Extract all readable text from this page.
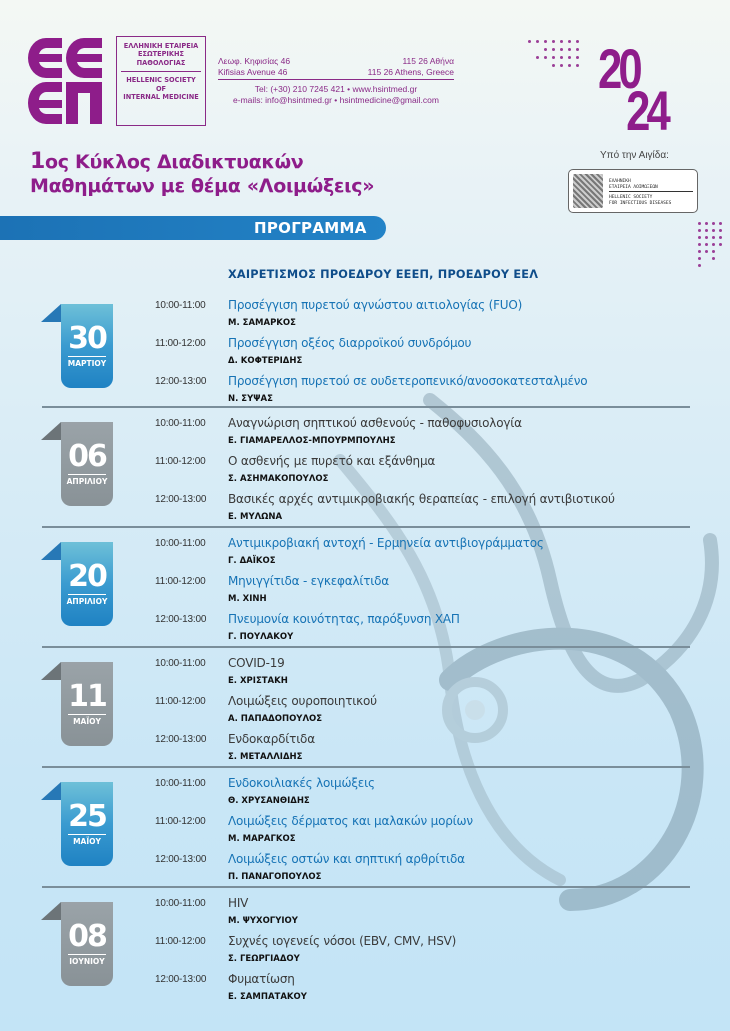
ΕΛΛΗΝΙΚΗ ΕΤΑΙΡΕΙΑ
ΕΣΩΤΕΡΙΚΗΣ
ΠΑΘΟΛΟΓΙΑΣ
HELLENIC SOCIETY
OF
INTERNAL MEDICINE
Λεωφ. Κηφισίας 46	115 26 Αθήνα
Kifisias Avenue 46	115 26 Athens, Greece
Tel: (+30) 210 7245 421 • www.hsintmed.gr
e-mails: info@hsintmed.gr • hsintmedicine@gmail.com	20
24
Υπό την Αιγίδα:
ΕΛΛΗΝΙΚΗ
ΕΤΑΙΡΕΙΑ ΛΟΙΜΩΞΕΩΝ
HELLENIC SOCIETY
FOR INFECTIOUS DISEASES
1ος Κύκλος Διαδικτυακών
Μαθημάτων με θέμα «Λοιμώξεις»
ΠΡΟΓΡΑΜΜΑ
ΧΑΙΡΕΤΙΣΜΟΣ ΠΡΟΕΔΡΟΥ ΕΕΕΠ, ΠΡΟΕΔΡΟΥ ΕΕΛ
30
ΜΑΡΤΙΟΥ
10:00-11:00	Προσέγγιση πυρετού αγνώστου αιτιολογίας (FUO)
Μ. ΣΑΜΑΡΚΟΣ
11:00-12:00	Προσέγγιση οξέος διαρροϊκού συνδρόμου
Δ. ΚΟΦΤΕΡΙΔΗΣ
12:00-13:00	Προσέγγιση πυρετού σε ουδετεροπενικό/ανοσοκατεσταλμένο
Ν. ΣΥΨΑΣ
06
ΑΠΡΙΛΙΟΥ
10:00-11:00	Αναγνώριση σηπτικού ασθενούς - παθοφυσιολογία
Ε. ΓΙΑΜΑΡΕΛΛΟΣ-ΜΠΟΥΡΜΠΟΥΛΗΣ
11:00-12:00	Ο ασθενής με πυρετό και εξάνθημα
Σ. ΑΣΗΜΑΚΟΠΟΥΛΟΣ
12:00-13:00	Βασικές αρχές αντιμικροβιακής θεραπείας - επιλογή αντιβιοτικού
Ε. ΜΥΛΩΝΑ
20
ΑΠΡΙΛΙΟΥ
10:00-11:00	Αντιμικροβιακή αντοχή - Ερμηνεία αντιβιογράμματος
Γ. ΔΑΪΚΟΣ
11:00-12:00	Μηνιγγίτιδα - εγκεφαλίτιδα
Μ. ΧΙΝΗ
12:00-13:00	Πνευμονία κοινότητας, παρόξυνση ΧΑΠ
Γ. ΠΟΥΛΑΚΟΥ
11
ΜΑΪΟΥ
10:00-11:00	COVID-19
Ε. ΧΡΙΣΤΑΚΗ
11:00-12:00	Λοιμώξεις ουροποιητικού
Α. ΠΑΠΑΔΟΠΟΥΛΟΣ
12:00-13:00	Ενδοκαρδίτιδα
Σ. ΜΕΤΑΛΛΙΔΗΣ
25
ΜΑΪΟΥ
10:00-11:00	Ενδοκοιλιακές λοιμώξεις
Θ. ΧΡΥΣΑΝΘΙΔΗΣ
11:00-12:00	Λοιμώξεις δέρματος και μαλακών μορίων
Μ. ΜΑΡΑΓΚΟΣ
12:00-13:00	Λοιμώξεις οστών και σηπτική αρθρίτιδα
Π. ΠΑΝΑΓΟΠΟΥΛΟΣ
08
ΙΟΥΝΙΟΥ
10:00-11:00	HIV
Μ. ΨΥΧΟΓΥΙΟΥ
11:00-12:00	Συχνές ιογενείς νόσοι (EBV, CMV, HSV)
Σ. ΓΕΩΡΓΙΑΔΟΥ
12:00-13:00	Φυματίωση
Ε. ΣΑΜΠΑΤΑΚΟΥ
